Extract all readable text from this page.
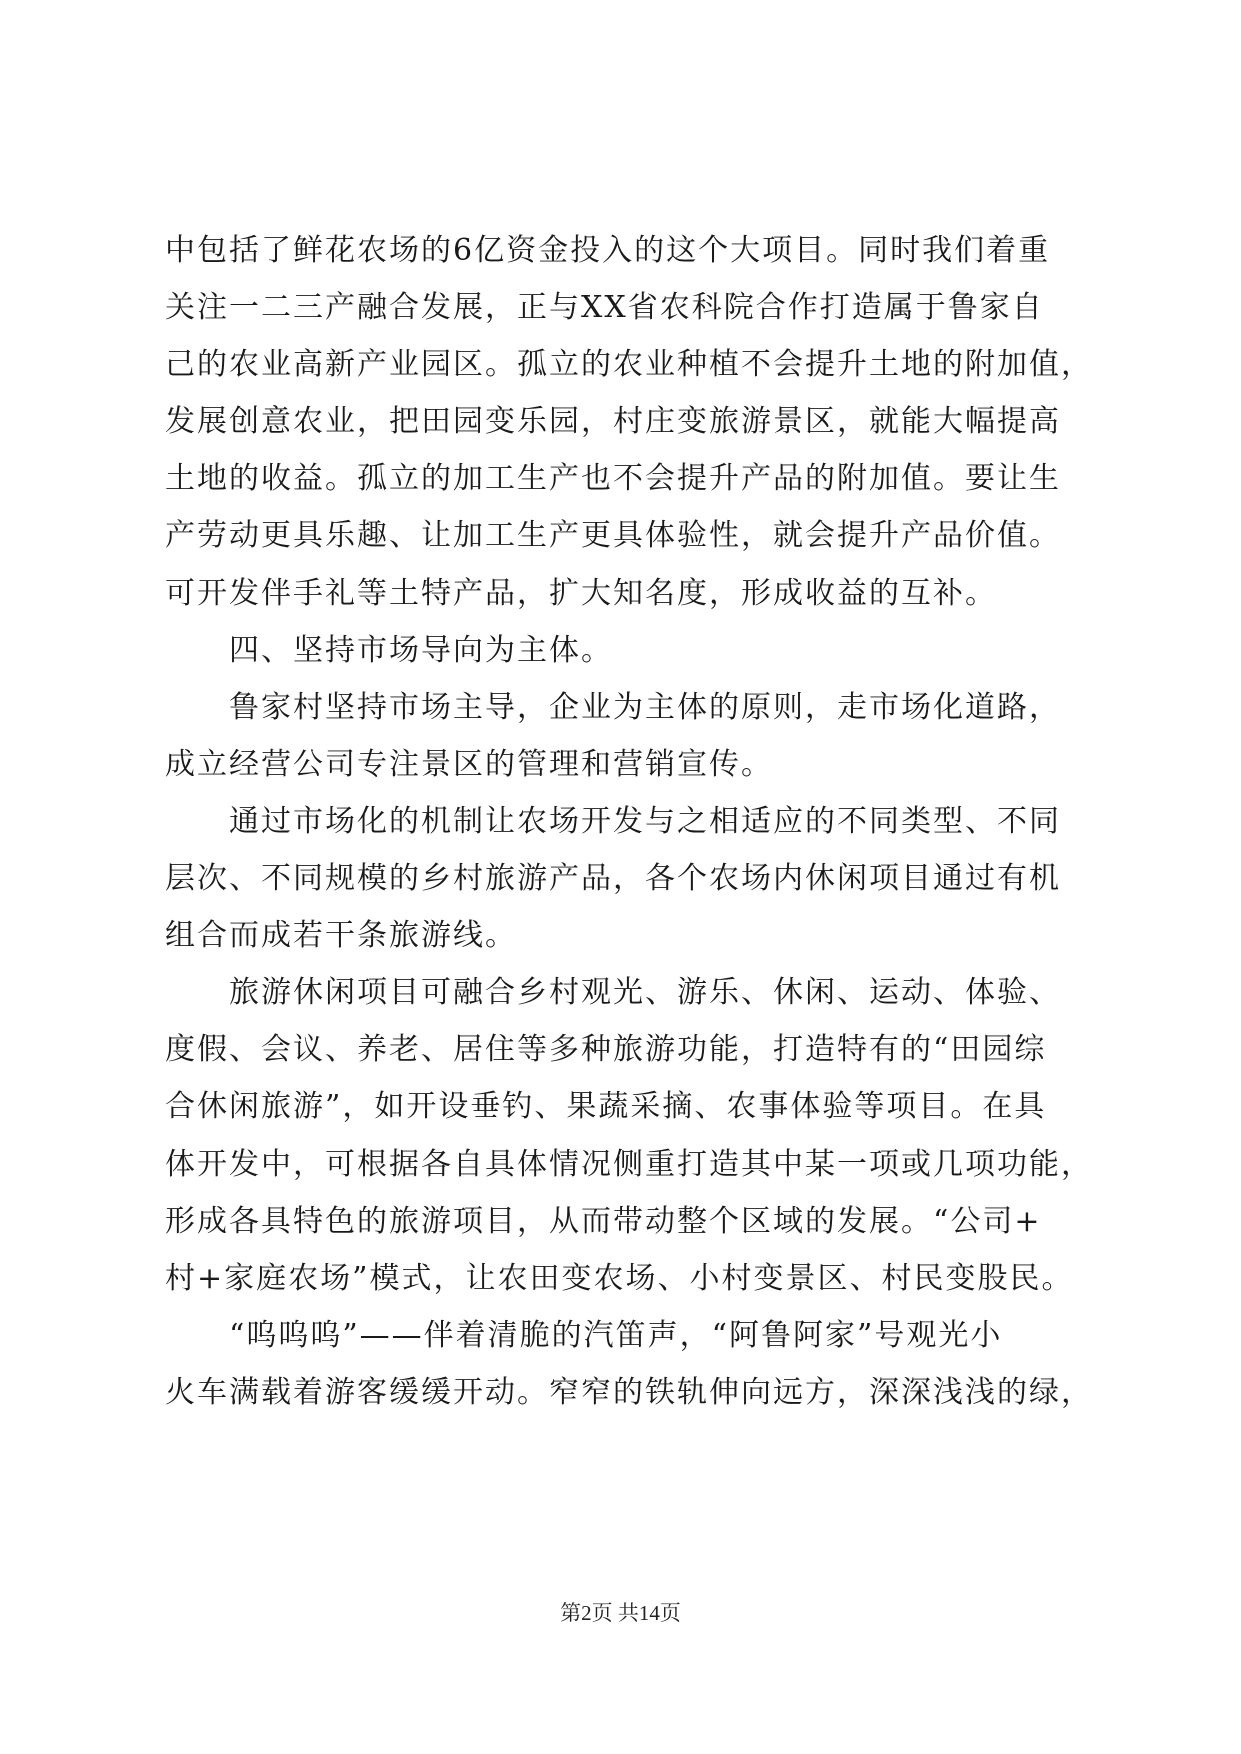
中包括了鲜花农场的6亿资金投入的这个大项目。同时我们着重
关注一二三产融合发展，正与XX省农科院合作打造属于鲁家自
己的农业高新产业园区。孤立的农业种植不会提升土地的附加值，
发展创意农业，把田园变乐园，村庄变旅游景区，就能大幅提高
土地的收益。孤立的加工生产也不会提升产品的附加值。要让生
产劳动更具乐趣、让加工生产更具体验性，就会提升产品价值。
可开发伴手礼等土特产品，扩大知名度，形成收益的互补。
四、坚持市场导向为主体。
鲁家村坚持市场主导，企业为主体的原则，走市场化道路，
成立经营公司专注景区的管理和营销宣传。
通过市场化的机制让农场开发与之相适应的不同类型、不同
层次、不同规模的乡村旅游产品，各个农场内休闲项目通过有机
组合而成若干条旅游线。
旅游休闲项目可融合乡村观光、游乐、休闲、运动、体验、
度假、会议、养老、居住等多种旅游功能，打造特有的“田园综
合休闲旅游”，如开设垂钓、果蔬采摘、农事体验等项目。在具
体开发中，可根据各自具体情况侧重打造其中某一项或几项功能，
形成各具特色的旅游项目，从而带动整个区域的发展。“公司+
村+家庭农场”模式，让农田变农场、小村变景区、村民变股民。
“呜呜呜”——伴着清脆的汽笛声，“阿鲁阿家”号观光小
火车满载着游客缓缓开动。窄窄的铁轨伸向远方，深深浅浅的绿，
第2页 共14页
